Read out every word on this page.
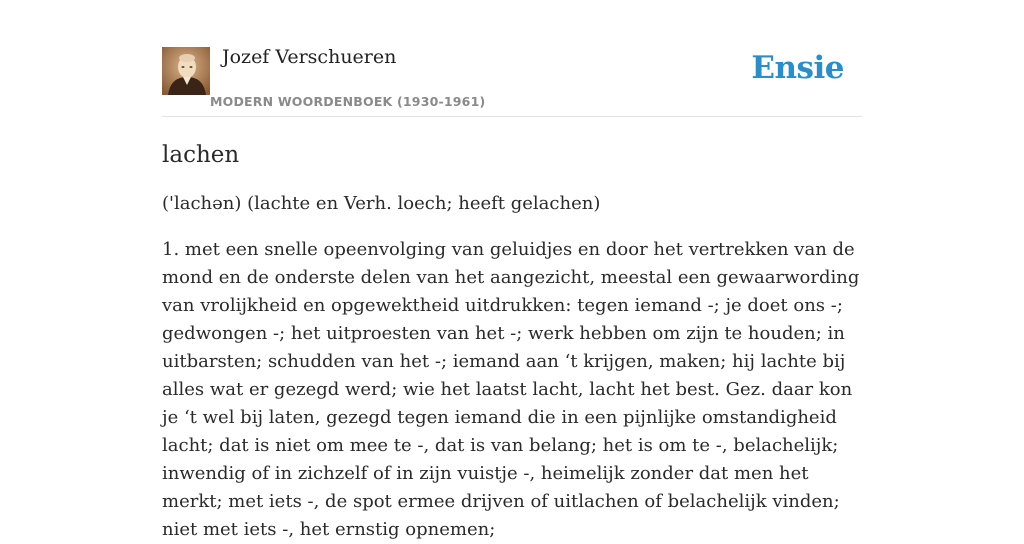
Jozef Verschueren
MODERN WOORDENBOEK (1930-1961)
Ensie
lachen

('lachən) (lachte en Verh. loech; heeft gelachen)

1. met een snelle opeenvolging van geluidjes en door het vertrekken van de mond en de onderste delen van het aangezicht, meestal een gewaarwording van vrolijkheid en opgewektheid uitdrukken: tegen iemand -; je doet ons -; gedwongen -; het uitproesten van het -; werk hebben om zijn te houden; in uitbarsten; schudden van het -; iemand aan ‘t krijgen, maken; hij lachte bij alles wat er gezegd werd; wie het laatst lacht, lacht het best. Gez. daar kon je ‘t wel bij laten, gezegd tegen iemand die in een pijnlijke omstandigheid lacht; dat is niet om mee te -, dat is van belang; het is om te -, belachelijk; inwendig of in zichzelf of in zijn vuistje -, heimelijk zonder dat men het merkt; met iets -, de spot ermee drijven of uitlachen of belachelijk vinden; niet met iets -, het ernstig opnemen;
